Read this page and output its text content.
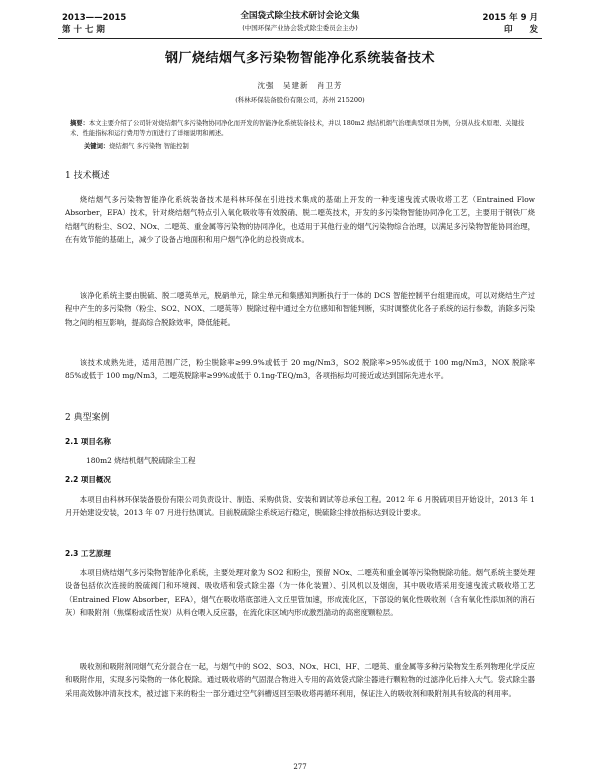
2013——2015
第 十 七 期
全国袋式除尘技术研讨会论文集
(中国环保产业协会袋式除尘委员会主办)
2015 年 9 月
印　　发
钢厂烧结烟气多污染物智能净化系统装备技术
沈强　吴建新　肖卫芳
(科林环保装备股份有限公司，苏州 215200)
摘要：本文主要介绍了公司针对烧结烟气多污染物协同净化而开发的智能净化系统装备技术，并以 180m2 烧结机烟气治理典型项目为例，分别从技术原理、关键技术、性能指标和运行费用等方面进行了详细说明和阐述。
关键词：烧结烟气 多污染物 智能控制
1 技术概述
烧结烟气多污染物智能净化系统装备技术是科林环保在引进技术集成的基础上开发的一种变速曳流式吸收塔工艺（Entrained Flow Absorber，EFA）技术，针对烧结烟气特点引入氧化吸收等有效脱硝、脱二噁英技术，开发的多污染物智能协同净化工艺，主要用于钢铁厂烧结烟气的粉尘、SO2、NOx、二噁英、重金属等污染物的协同净化，也适用于其他行业的烟气污染物综合治理，以满足多污染物智能协同治理，在有效节能的基础上，减少了设备占地面积和用户烟气净化的总投资成本。
该净化系统主要由脱硫、脱二噁英单元，脱硝单元，除尘单元和集感知判断执行于一体的 DCS 智能控制平台组建而成，可以对烧结生产过程中产生的多污染物（粉尘、SO2、NOX、二噁英等）脱除过程中通过全方位感知和智能判断，实时调整优化各子系统的运行参数，消除多污染物之间的相互影响，提高综合脱除效率，降低能耗。
该技术成熟先进，适用范围广泛，粉尘脱除率≥99.9%或低于 20 mg/Nm3，SO2 脱除率>95%或低于 100 mg/Nm3，NOX 脱除率85%或低于 100 mg/Nm3，二噁英脱除率≥99%或低于 0.1ng-TEQ/m3，各项指标均可接近或达到国际先进水平。
2 典型案例
2.1 项目名称
180m2 烧结机烟气脱硫除尘工程
2.2 项目概况
本项目由科林环保装备股份有限公司负责设计、制造、采购供货、安装和调试等总承包工程。2012 年 6 月脱硫项目开始设计，2013 年 1 月开始建设安装，2013 年 07 月进行热调试。目前脱硫除尘系统运行稳定，脱硫除尘排放指标达到设计要求。
2.3 工艺原理
本项目烧结烟气多污染物智能净化系统，主要处理对象为 SO2 和粉尘，预留 NOx、二噁英和重金属等污染物脱除功能。烟气系统主要处理设备包括依次连接的脱硫阀门和环境阀、吸收塔和袋式除尘器（为一体化装置）、引风机以及烟囱，其中吸收塔采用变速曳流式吸收塔工艺（Entrained Flow Absorber，EFA），烟气在吸收塔底部进入文丘里管加速，形成流化区，下部设的氧化性吸收剂（含有氧化性添加剂的消石灰）和吸附剂（焦煤粉或活性炭）从料仓喂入反应器，在流化床区域内形成激烈湍动的高密度颗粒层。
吸收剂和吸附剂同烟气充分混合在一起，与烟气中的 SO2、SO3、NOx、HCl、HF、二噁英、重金属等多种污染物发生系列物理化学反应和吸附作用，实现多污染物的一体化脱除。通过吸收塔的气固混合物进入专用的高效袋式除尘器进行颗粒物的过滤净化后排入大气。袋式除尘器采用高效脉冲清灰技术，被过滤下来的粉尘一部分通过空气斜槽返回至吸收塔再循环利用，保证注入的吸收剂和吸附剂具有较高的利用率。
277
